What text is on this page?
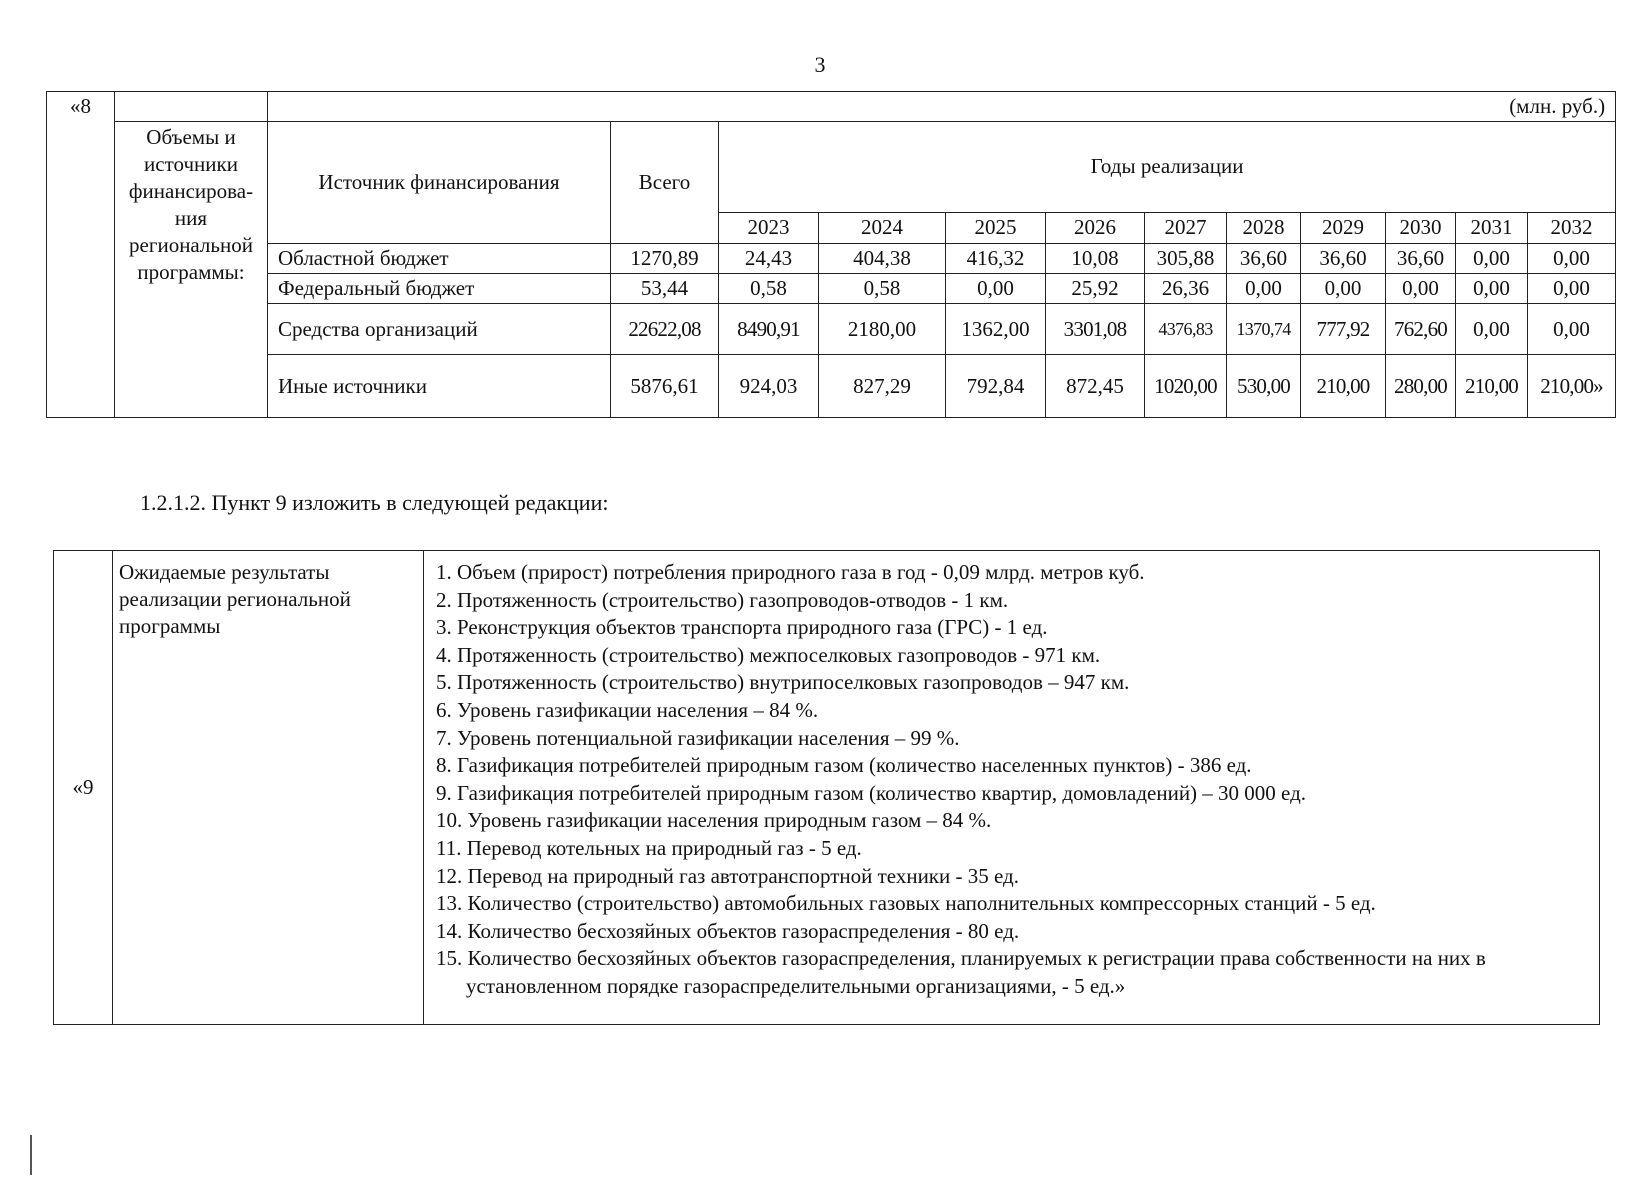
3
«8		(млн. руб.)											
	Объемы и источники финансирова-ния региональной программы:	Источник финансирования	Всего	Годы реализации									
				2023	2024	2025	2026	2027	2028	2029	2030	2031	2032
		Областной бюджет	1270,89	24,43	404,38	416,32	10,08	305,88	36,60	36,60	36,60	0,00	0,00
		Федеральный бюджет	53,44	0,58	0,58	0,00	25,92	26,36	0,00	0,00	0,00	0,00	0,00
		Средства организаций	22622,08	8490,91	2180,00	1362,00	3301,08	4376,83	1370,74	777,92	762,60	0,00	0,00
		Иные источники	5876,61	924,03	827,29	792,84	872,45	1020,00	530,00	210,00	280,00	210,00	210,00»
1.2.1.2. Пункт 9 изложить в следующей редакции:
«9	Ожидаемые результаты реализации региональной программы	
1. Объем (прирост) потребления природного газа в год - 0,09 млрд. метров куб.
2. Протяженность (строительство) газопроводов-отводов - 1 км.
3. Реконструкция объектов транспорта природного газа (ГРС) - 1 ед.
4. Протяженность (строительство) межпоселковых газопроводов - 971 км.
5. Протяженность (строительство) внутрипоселковых газопроводов – 947 км.
6. Уровень газификации населения – 84 %.
7. Уровень потенциальной газификации населения – 99 %.
8. Газификация потребителей природным газом (количество населенных пунктов) - 386 ед.
9. Газификация потребителей природным газом (количество квартир, домовладений) – 30 000 ед.
10. Уровень газификации населения природным газом – 84 %.
11. Перевод котельных на природный газ - 5 ед.
12. Перевод на природный газ автотранспортной техники - 35 ед.
13. Количество (строительство) автомобильных газовых наполнительных компрессорных станций - 5 ед.
14. Количество бесхозяйных объектов газораспределения - 80 ед.
15. Количество бесхозяйных объектов газораспределения, планируемых к регистрации права собственности на них в установленном порядке газораспределительными организациями, - 5 ед.»
